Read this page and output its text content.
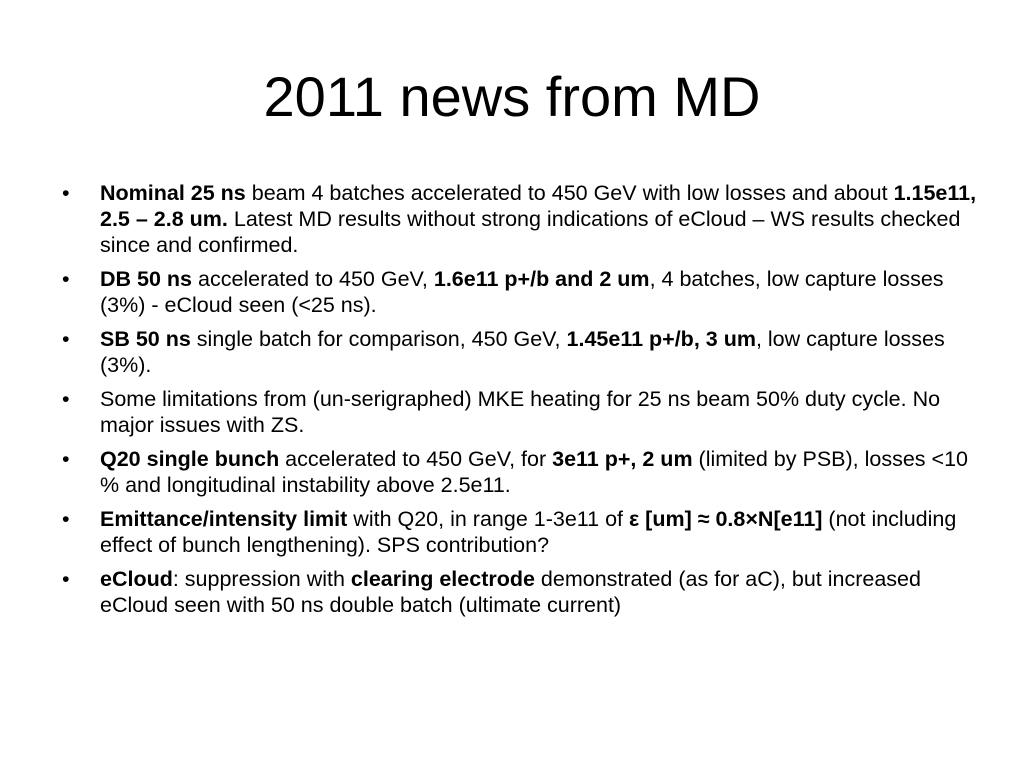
2011 news from MD
• Nominal 25 ns beam 4 batches accelerated to 450 GeV with low losses and about 1.15e11, 2.5 – 2.8 um. Latest MD results without strong indications of eCloud – WS results checked since and confirmed.
• DB 50 ns accelerated to 450 GeV, 1.6e11 p+/b and 2 um, 4 batches, low capture losses (3%) - eCloud seen (<25 ns).
• SB 50 ns single batch for comparison, 450 GeV, 1.45e11 p+/b, 3 um, low capture losses (3%).
• Some limitations from (un-serigraphed) MKE heating for 25 ns beam 50% duty cycle. No major issues with ZS.
• Q20 single bunch accelerated to 450 GeV, for 3e11 p+, 2 um (limited by PSB), losses <10 % and longitudinal instability above 2.5e11.
• Emittance/intensity limit with Q20, in range 1-3e11 of ε [um] ≈ 0.8×N[e11] (not including effect of bunch lengthening). SPS contribution?
• eCloud: suppression with clearing electrode demonstrated (as for aC), but increased eCloud seen with 50 ns double batch (ultimate current)
